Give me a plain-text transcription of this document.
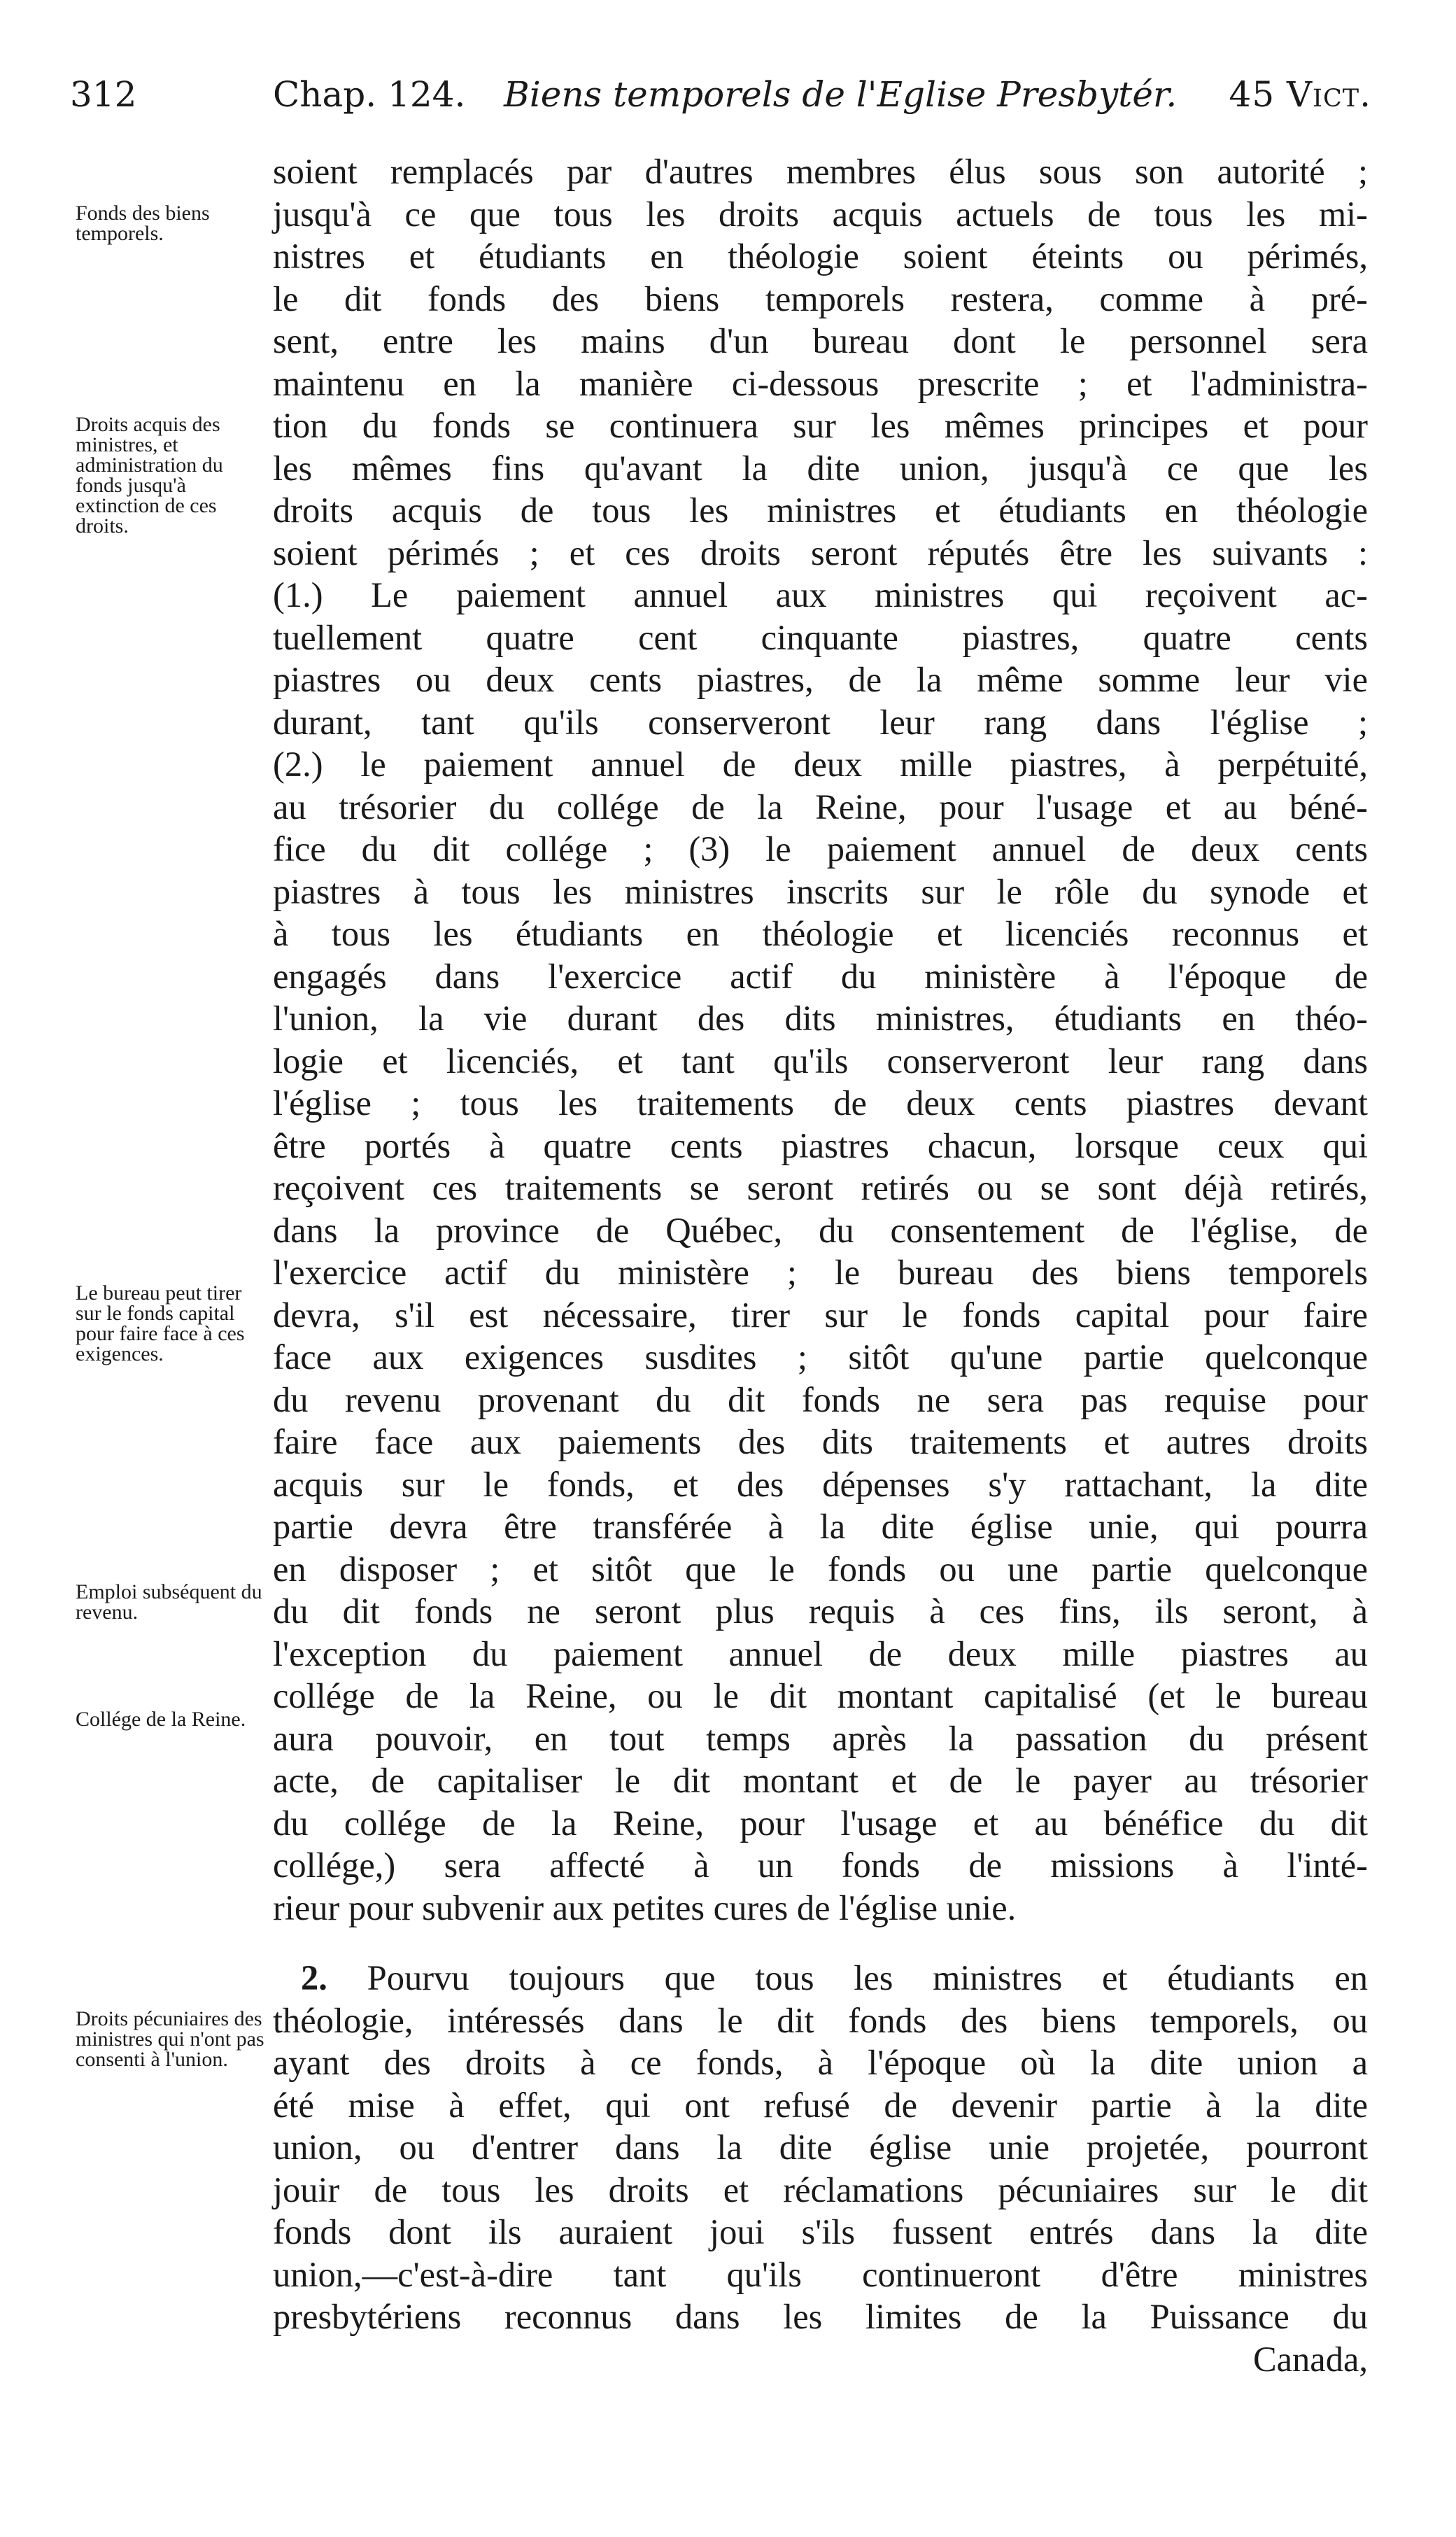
312	Chap. 124. Biens temporels de l'Eglise Presbytér. 45 Vict.
Fonds des biens temporels.
Droits acquis des ministres, et administration du fonds jusqu'à extinction de ces droits.
Le bureau peut tirer sur le fonds capital pour faire face à ces exigences.
Emploi subséquent du revenu.
Collége de la Reine.
Droits pécuniaires des ministres qui n'ont pas consenti à l'union.
soient remplacés par d'autres membres élus sous son autorité ;
jusqu'à ce que tous les droits acquis actuels de tous les mi-
nistres et étudiants en théologie soient éteints ou périmés,
le dit fonds des biens temporels restera, comme à pré-
sent, entre les mains d'un bureau dont le personnel sera
maintenu en la manière ci-dessous prescrite ; et l'administra-
tion du fonds se continuera sur les mêmes principes et pour
les mêmes fins qu'avant la dite union, jusqu'à ce que les
droits acquis de tous les ministres et étudiants en théologie
soient périmés ; et ces droits seront réputés être les suivants :
(1.) Le paiement annuel aux ministres qui reçoivent ac-
tuellement quatre cent cinquante piastres, quatre cents
piastres ou deux cents piastres, de la même somme leur vie
durant, tant qu'ils conserveront leur rang dans l'église ;
(2.) le paiement annuel de deux mille piastres, à perpétuité,
au trésorier du collége de la Reine, pour l'usage et au béné-
fice du dit collége ; (3) le paiement annuel de deux cents
piastres à tous les ministres inscrits sur le rôle du synode et
à tous les étudiants en théologie et licenciés reconnus et
engagés dans l'exercice actif du ministère à l'époque de
l'union, la vie durant des dits ministres, étudiants en théo-
logie et licenciés, et tant qu'ils conserveront leur rang dans
l'église ; tous les traitements de deux cents piastres devant
être portés à quatre cents piastres chacun, lorsque ceux qui
reçoivent ces traitements se seront retirés ou se sont déjà retirés,
dans la province de Québec, du consentement de l'église, de
l'exercice actif du ministère ; le bureau des biens temporels
devra, s'il est nécessaire, tirer sur le fonds capital pour faire
face aux exigences susdites ; sitôt qu'une partie quelconque
du revenu provenant du dit fonds ne sera pas requise pour
faire face aux paiements des dits traitements et autres droits
acquis sur le fonds, et des dépenses s'y rattachant, la dite
partie devra être transférée à la dite église unie, qui pourra
en disposer ; et sitôt que le fonds ou une partie quelconque
du dit fonds ne seront plus requis à ces fins, ils seront, à
l'exception du paiement annuel de deux mille piastres au
collége de la Reine, ou le dit montant capitalisé (et le bureau
aura pouvoir, en tout temps après la passation du présent
acte, de capitaliser le dit montant et de le payer au trésorier
du collége de la Reine, pour l'usage et au bénéfice du dit
collége,) sera affecté à un fonds de missions à l'inté-
rieur pour subvenir aux petites cures de l'église unie.
2. Pourvu toujours que tous les ministres et étudiants en
théologie, intéressés dans le dit fonds des biens temporels, ou
ayant des droits à ce fonds, à l'époque où la dite union a
été mise à effet, qui ont refusé de devenir partie à la dite
union, ou d'entrer dans la dite église unie projetée, pourront
jouir de tous les droits et réclamations pécuniaires sur le dit
fonds dont ils auraient joui s'ils fussent entrés dans la dite
union,—c'est-à-dire tant qu'ils continueront d'être ministres
presbytériens reconnus dans les limites de la Puissance du
Canada,
